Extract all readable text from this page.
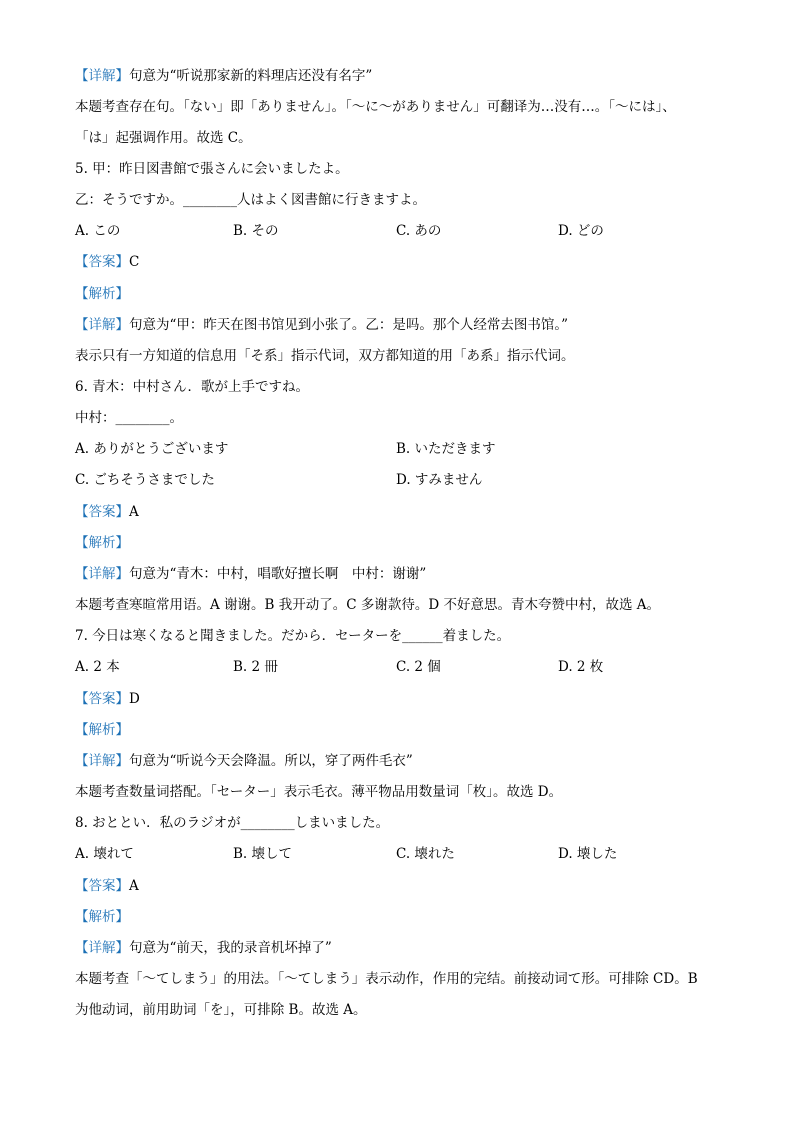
【详解】句意为“听说那家新的料理店还没有名字”
本题考查存在句。「ない」即「ありません」。「～に～がありません」可翻译为…没有…。「～には」、
「は」起强调作用。故选 C。
5. 甲：昨日図書館で張さんに会いましたよ。
乙：そうですか。________人はよく図書館に行きますよ。
A. この	B. その	C. あの	D. どの
【答案】C
【解析】
【详解】句意为“甲：昨天在图书馆见到小张了。乙：是吗。那个人经常去图书馆。”
表示只有一方知道的信息用「そ系」指示代词，双方都知道的用「あ系」指示代词。
6. 青木：中村さん．歌が上手ですね。
中村：________。
A. ありがとうございます	B. いただきます
C. ごちそうさまでした	D. すみません
【答案】A
【解析】
【详解】句意为“青木：中村，唱歌好擅长啊　中村：谢谢”
本题考查寒暄常用语。A 谢谢。B 我开动了。C 多谢款待。D 不好意思。青木夸赞中村，故选 A。
7. 今日は寒くなると聞きました。だから．セーターを______着ました。
A. 2 本	B. 2 冊	C. 2 個	D. 2 枚
【答案】D
【解析】
【详解】句意为“听说今天会降温。所以，穿了两件毛衣”
本题考查数量词搭配。「セーター」表示毛衣。薄平物品用数量词「枚」。故选 D。
8. おととい．私のラジオが________しまいました。
A. 壊れて	B. 壊して	C. 壊れた	D. 壊した
【答案】A
【解析】
【详解】句意为“前天，我的录音机坏掉了”
本题考查「～てしまう」的用法。「～てしまう」表示动作，作用的完结。前接动词て形。可排除 CD。B
为他动词，前用助词「を」，可排除 B。故选 A。
